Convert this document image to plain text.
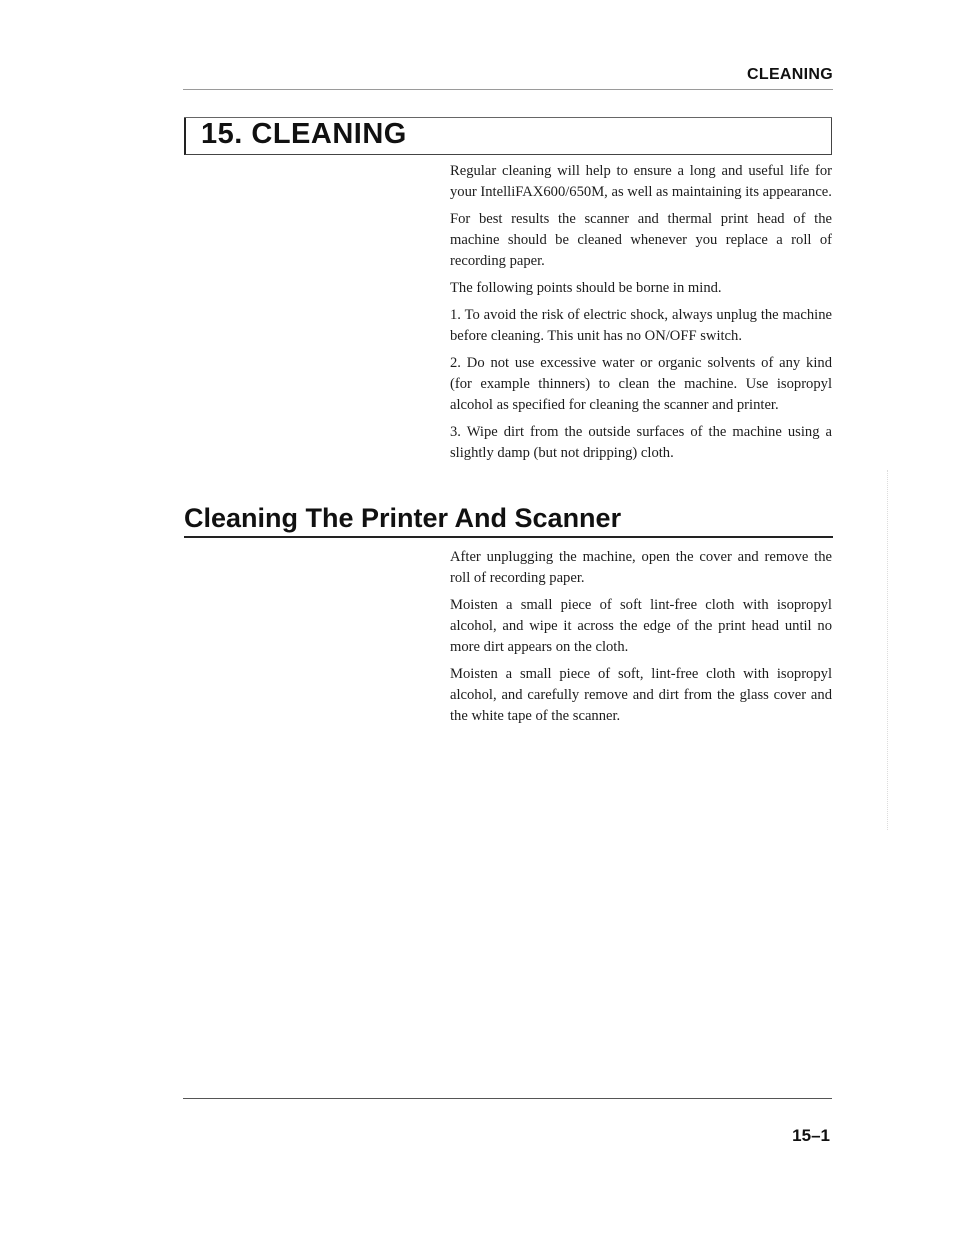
CLEANING
15. CLEANING

Regular cleaning will help to ensure a long and useful life for your IntelliFAX600/650M, as well as maintaining its appearance.

For best results the scanner and thermal print head of the machine should be cleaned whenever you replace a roll of recording paper.

The following points should be borne in mind.

1. To avoid the risk of electric shock, always unplug the machine before cleaning. This unit has no ON/OFF switch.

2. Do not use excessive water or organic solvents of any kind (for example thinners) to clean the machine. Use isopropyl alcohol as specified for cleaning the scanner and printer.

3. Wipe dirt from the outside surfaces of the machine using a slightly damp (but not dripping) cloth.

Cleaning The Printer And Scanner

After unplugging the machine, open the cover and remove the roll of recording paper.

Moisten a small piece of soft lint-free cloth with isopropyl alcohol, and wipe it across the edge of the print head until no more dirt appears on the cloth.

Moisten a small piece of soft, lint-free cloth with isopropyl alcohol, and carefully remove and dirt from the glass cover and the white tape of the scanner.

15–1
